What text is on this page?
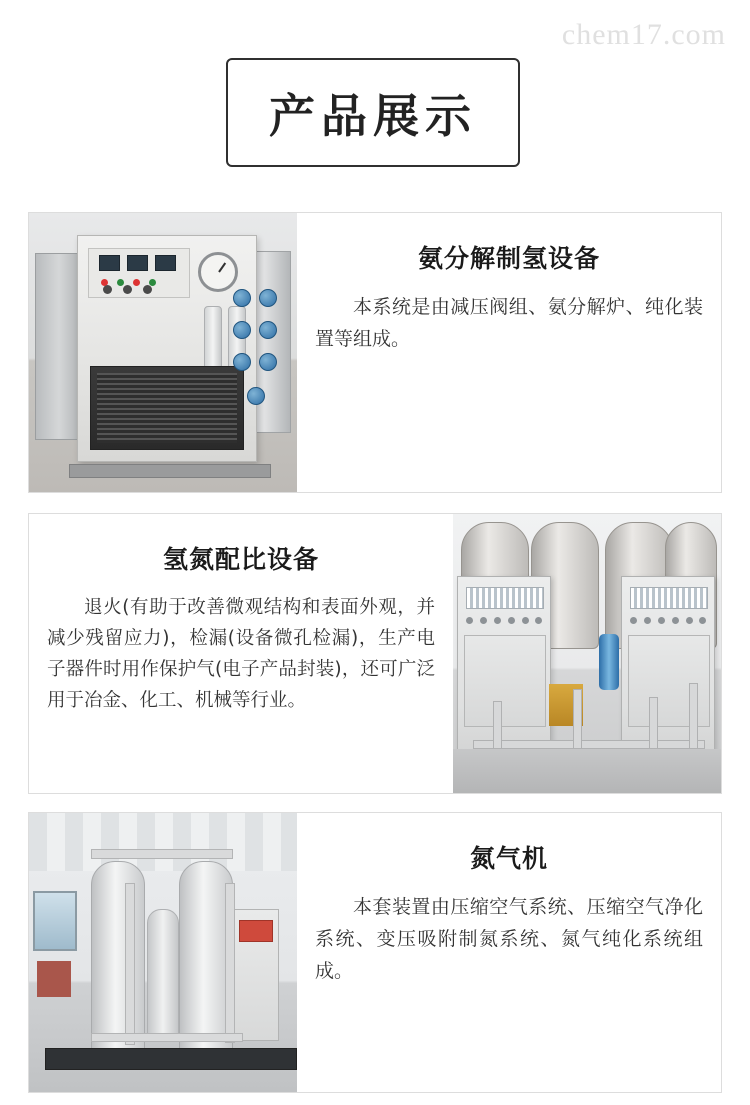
chem17.com
产品展示
氨分解制氢设备
本系统是由减压阀组、氨分解炉、纯化装置等组成。
氢氮配比设备
退火(有助于改善微观结构和表面外观，并减少残留应力)，检漏(设备微孔检漏)，生产电子器件时用作保护气(电子产品封装)，还可广泛用于冶金、化工、机械等行业。
氮气机
本套装置由压缩空气系统、压缩空气净化系统、变压吸附制氮系统、氮气纯化系统组成。
